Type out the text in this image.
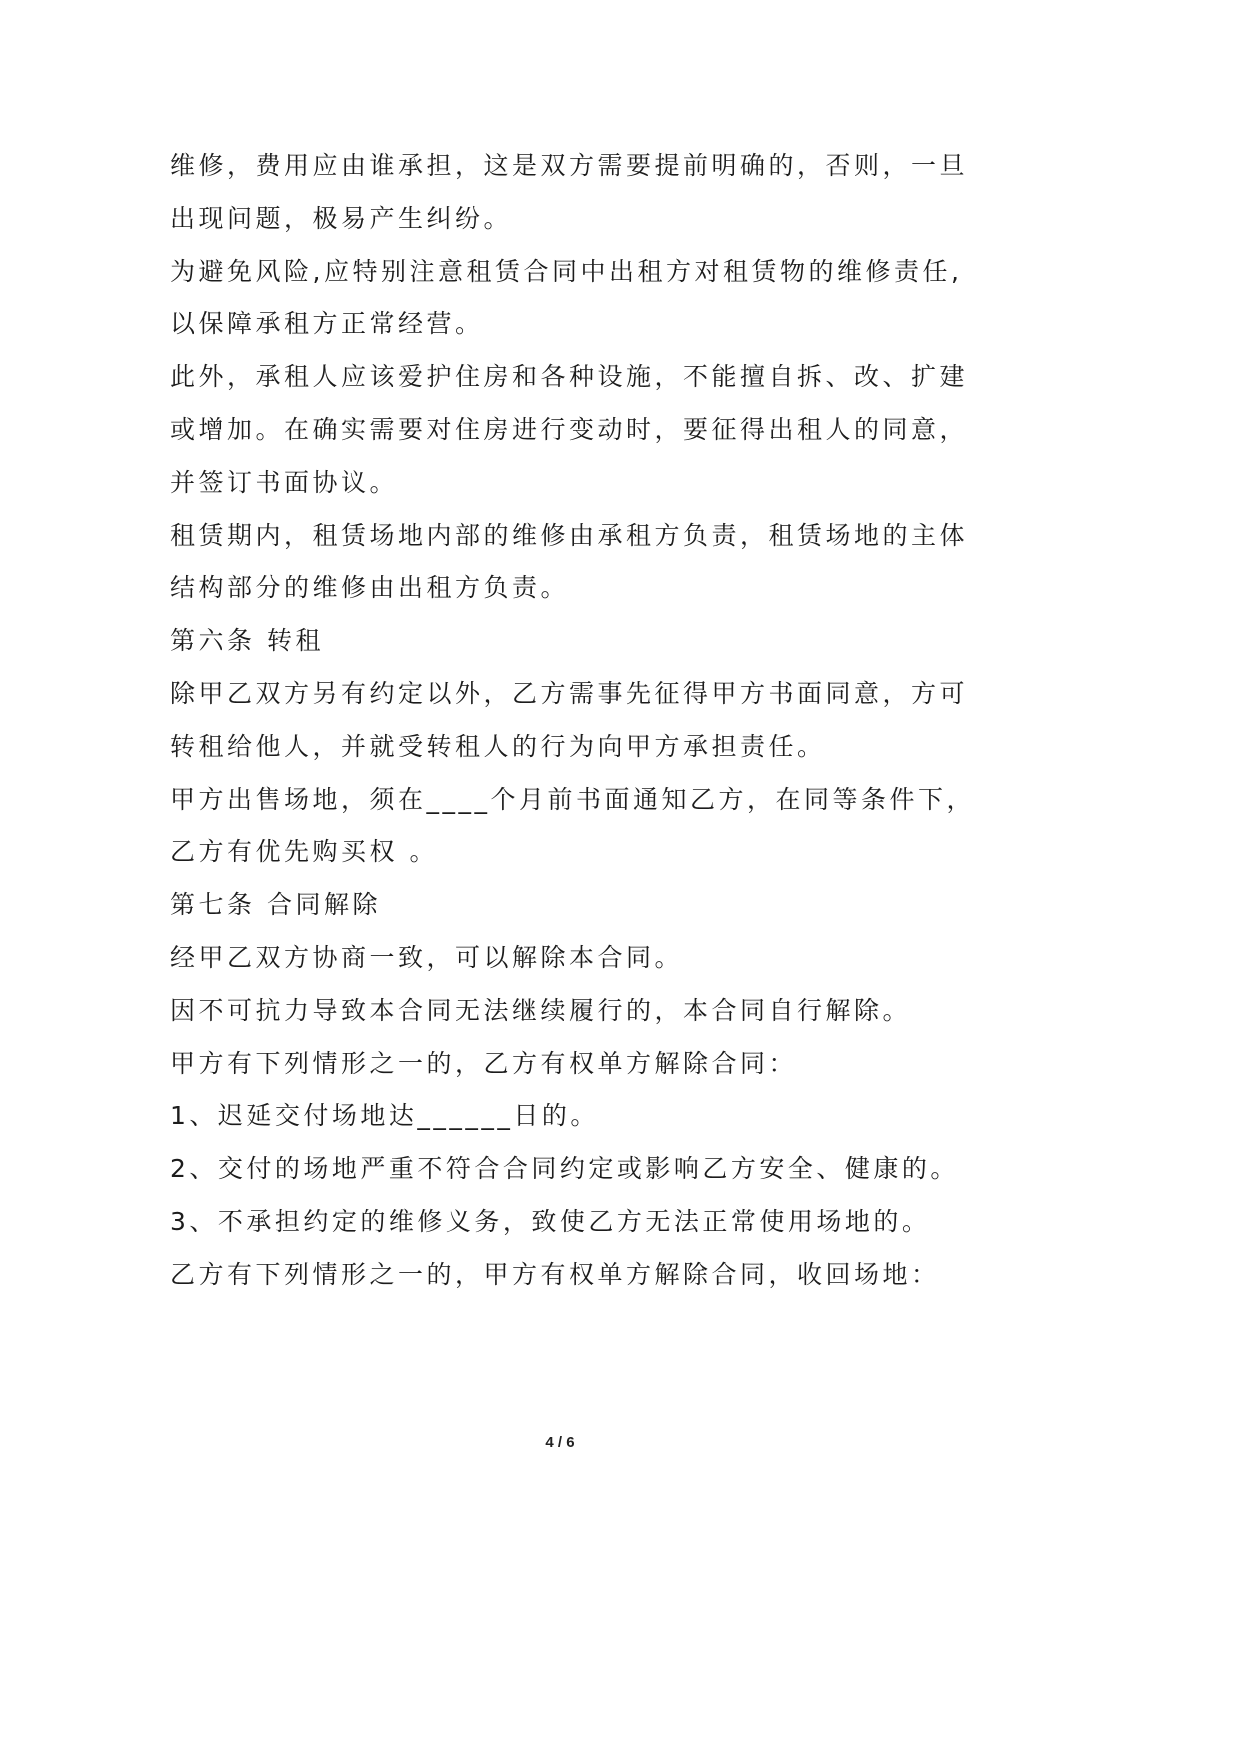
维修，费用应由谁承担，这是双方需要提前明确的，否则，一旦
出现问题，极易产生纠纷。
为避免风险,应特别注意租赁合同中出租方对租赁物的维修责任,
以保障承租方正常经营。
此外，承租人应该爱护住房和各种设施，不能擅自拆、改、扩建
或增加。在确实需要对住房进行变动时，要征得出租人的同意，
并签订书面协议。
租赁期内，租赁场地内部的维修由承租方负责，租赁场地的主体
结构部分的维修由出租方负责。
第六条 转租
除甲乙双方另有约定以外，乙方需事先征得甲方书面同意，方可
转租给他人，并就受转租人的行为向甲方承担责任。
甲方出售场地，须在____个月前书面通知乙方，在同等条件下，
乙方有优先购买权 。
第七条 合同解除
经甲乙双方协商一致，可以解除本合同。
因不可抗力导致本合同无法继续履行的，本合同自行解除。
甲方有下列情形之一的，乙方有权单方解除合同：
1、迟延交付场地达______日的。
2、交付的场地严重不符合合同约定或影响乙方安全、健康的。
3、不承担约定的维修义务，致使乙方无法正常使用场地的。
乙方有下列情形之一的，甲方有权单方解除合同，收回场地：
4 / 6
